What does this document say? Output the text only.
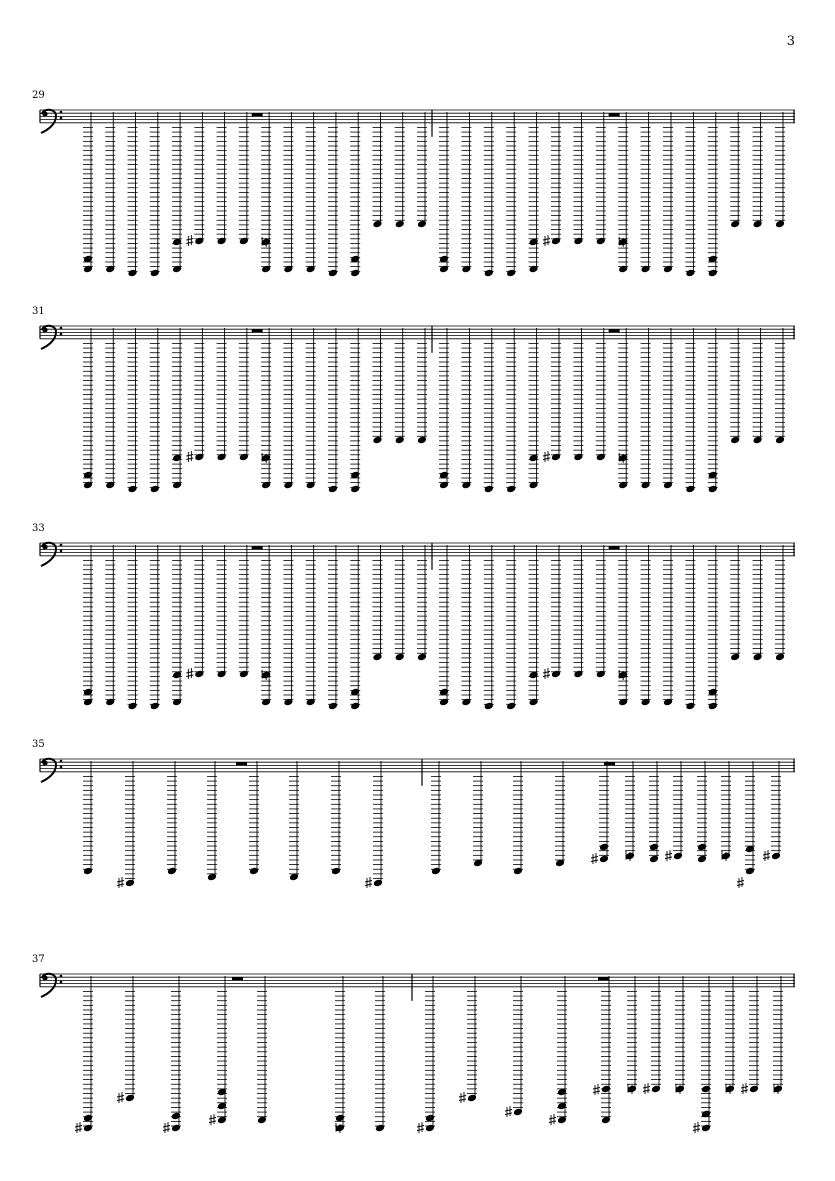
3
29
31
33
35
37
